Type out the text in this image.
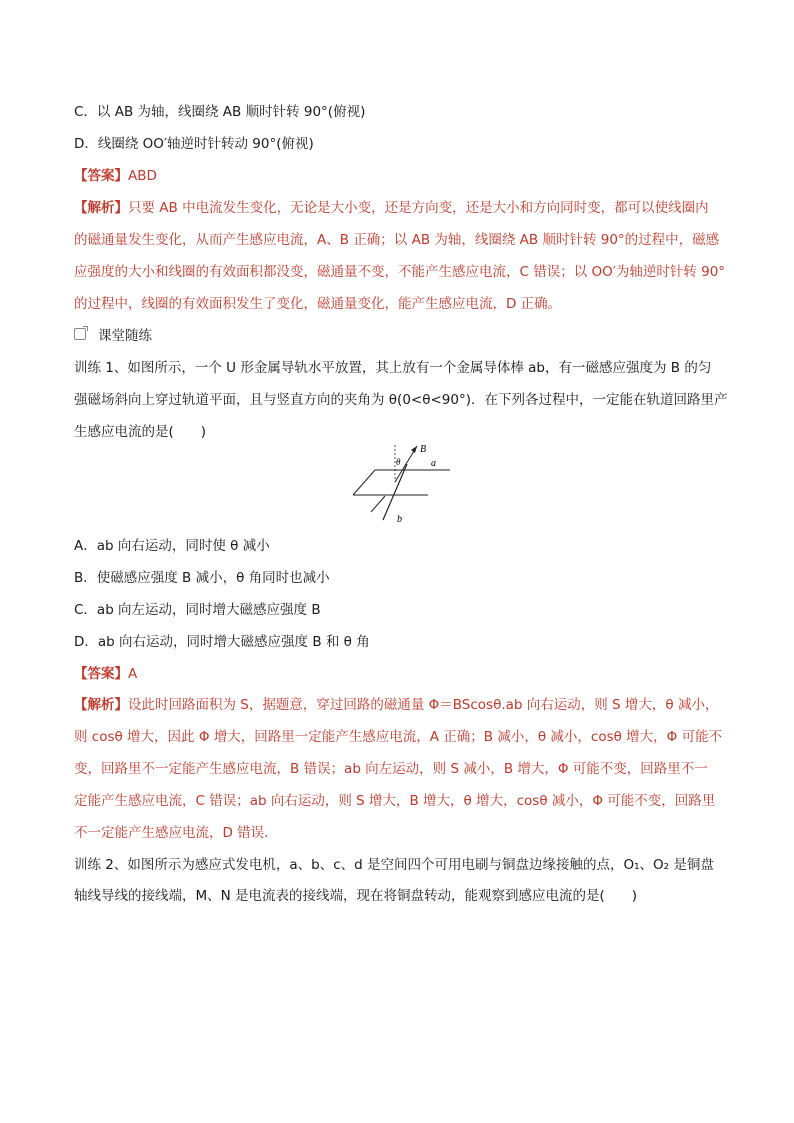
C．以 AB 为轴，线圈绕 AB 顺时针转 90°(俯视)
D．线圈绕 OO′轴逆时针转动 90°(俯视)
【答案】ABD
【解析】只要 AB 中电流发生变化，无论是大小变，还是方向变，还是大小和方向同时变，都可以使线圈内
的磁通量发生变化，从而产生感应电流，A、B 正确；以 AB 为轴，线圈绕 AB 顺时针转 90°的过程中，磁感
应强度的大小和线圈的有效面积都没变，磁通量不变，不能产生感应电流，C 错误；以 OO′为轴逆时针转 90°
的过程中，线圈的有效面积发生了变化，磁通量变化，能产生感应电流，D 正确。
课堂随练
训练 1、如图所示，一个 U 形金属导轨水平放置，其上放有一个金属导体棒 ab，有一磁感应强度为 B 的匀
强磁场斜向上穿过轨道平面，且与竖直方向的夹角为 θ(0<θ<90°)．在下列各过程中，一定能在轨道回路里产
生感应电流的是(　　)
B
θ	a
b
A．ab 向右运动，同时使 θ 减小
B．使磁感应强度 B 减小，θ 角同时也减小
C．ab 向左运动，同时增大磁感应强度 B
D．ab 向右运动，同时增大磁感应强度 B 和 θ 角
【答案】A
【解析】设此时回路面积为 S，据题意，穿过回路的磁通量 Φ＝BScosθ.ab 向右运动，则 S 增大，θ 减小，
则 cosθ 增大，因此 Φ 增大，回路里一定能产生感应电流，A 正确；B 减小，θ 减小，cosθ 增大，Φ 可能不
变，回路里不一定能产生感应电流，B 错误；ab 向左运动，则 S 减小，B 增大，Φ 可能不变，回路里不一
定能产生感应电流，C 错误；ab 向右运动，则 S 增大，B 增大，θ 增大，cosθ 减小，Φ 可能不变，回路里
不一定能产生感应电流，D 错误．
训练 2、如图所示为感应式发电机，a、b、c、d 是空间四个可用电刷与铜盘边缘接触的点，O₁、O₂ 是铜盘
轴线导线的接线端，M、N 是电流表的接线端，现在将铜盘转动，能观察到感应电流的是(　　)
